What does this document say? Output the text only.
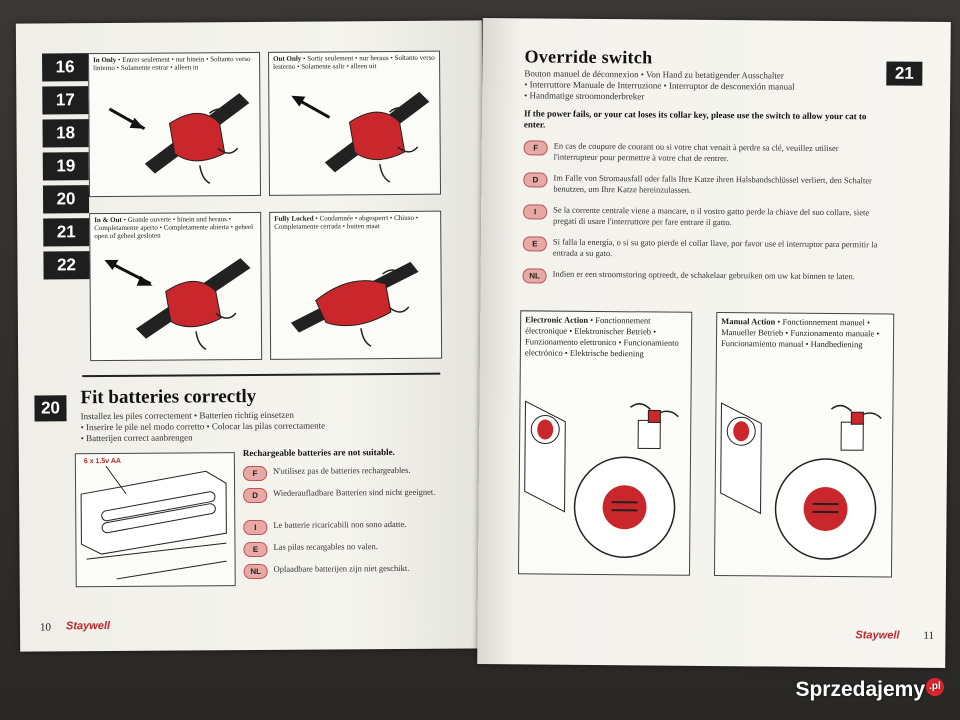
16
17
18
19
20
21
22
In Only • Entrer seulement • nur hinein • Soltanto verso linterno • Solamente entrar • alleen in
Out Only • Sortir seulement • nur heraus • Soltanto verso lesterno • Solamente salir • alleen uit
In & Out • Grande ouverte • hinein und heraus • Completamente aperto • Completamente abierta • geheel open of geheel gesloten
Fully Locked • Condamnée • abgesperrt • Chiuso • Completamente cerrada • buiten maat
20	Fit batteries correctly
Installez les piles correctement • Batterien richtig einsetzen
• Inserire le pile nel modo corretto • Colocar las pilas correctamente
• Batterijen correct aanbrengen
6 x 1.5v AA
Rechargeable batteries are not suitable.
F	N'utilisez pas de batteries rechargeables.
D	Wiederaufladbare Batterien sind nicht geeignet.
I	Le batterie ricaricabili non sono adatte.
E	Las pilas recargables no valen.
NL	Oplaadbare batterijen zijn niet geschikt.
10 Staywell
21
Override switch
Bouton manuel de déconnexion • Von Hand zu betatigender Ausschalter
• Interruttore Manuale de Interruzione • Interruptor de desconexión manual
• Handmatige stroomonderbreker
If the power fails, or your cat loses its collar key, please use the switch to allow your cat to enter.
F	En cas de coupure de courant ou si votre chat venait à perdre sa clé, veuillez utiliser l'interrupteur pour permettre à votre chat de rentrer.
D	Im Falle von Stromausfall oder falls Ihre Katze ihren Halsbandschlüssel verliert, den Schalter benutzen, um Ihre Katze hereinzulassen.
I	Se la corrente centrale viene a mancare, o il vostro gatto perde la chiave del suo collare, siete pregati di usare l'interruttore per fare entrare il gatto.
E	Si falla la energía, o si su gato pierde el collar llave, por favor use el interruptor para permitir la entrada a su gato.
NL	Indien er een stroomstoring optreedt, de schakelaar gebruiken om uw kat binnen te laten.
Electronic Action • Fonctionnement électronique • Elektronischer Betrieb • Funzionamento elettronico • Funcionamiento electrónico • Elektrische bediening
Manual Action • Fonctionnement manuel • Manueller Betrieb • Funzionamento manuale • Funcionamiento manual • Handbediening
Staywell 11
Sprzedajemy .pl
